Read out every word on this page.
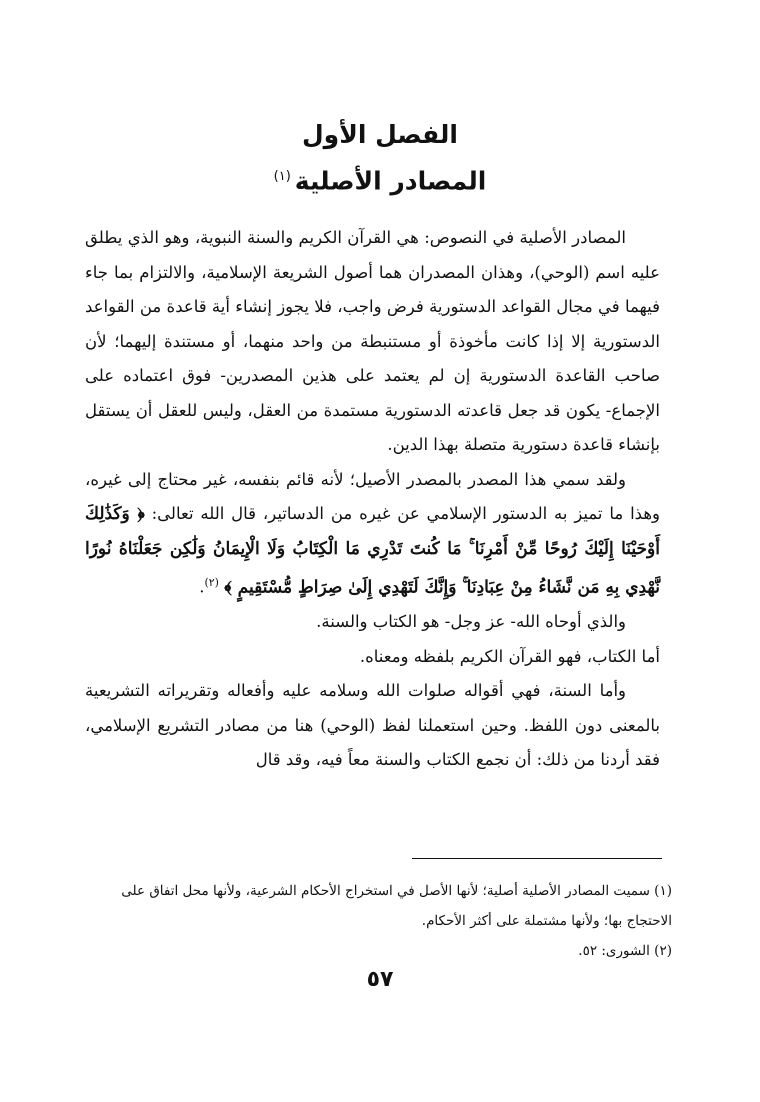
الفصل الأول
المصادر الأصلية$^{(١)}$

المصادر الأصلية في النصوص: هي القرآن الكريم والسنة النبوية، وهو الذي يطلق عليه اسم (الوحي)، وهذان المصدران هما أصول الشريعة الإسلامية، والالتزام بما جاء فيهما في مجال القواعد الدستورية فرض واجب، فلا يجوز إنشاء أية قاعدة من القواعد الدستورية إلا إذا كانت مأخوذة أو مستنبطة من واحد منهما، أو مستندة إليهما؛ لأن صاحب القاعدة الدستورية إن لم يعتمد على هذين المصدرين- فوق اعتماده على الإجماع- يكون قد جعل قاعدته الدستورية مستمدة من العقل، وليس للعقل أن يستقل بإنشاء قاعدة دستورية متصلة بهذا الدين.

ولقد سمي هذا المصدر بالمصدر الأصيل؛ لأنه قائم بنفسه، غير محتاج إلى غيره، وهذا ما تميز به الدستور الإسلامي عن غيره من الدساتير، قال الله تعالى: ﴿ وَكَذَٰلِكَ أَوْحَيْنَا إِلَيْكَ رُوحًا مِّنْ أَمْرِنَا ۚ مَا كُنتَ تَدْرِي مَا الْكِتَابُ وَلَا الْإِيمَانُ وَلَٰكِن جَعَلْنَاهُ نُورًا نَّهْدِي بِهِ مَن نَّشَاءُ مِنْ عِبَادِنَا ۚ وَإِنَّكَ لَتَهْدِي إِلَىٰ صِرَاطٍ مُّسْتَقِيمٍ ﴾ $^{(٢)}$.

والذي أوحاه الله- عز وجل- هو الكتاب والسنة.

أما الكتاب، فهو القرآن الكريم بلفظه ومعناه.

وأما السنة، فهي أقواله صلوات الله وسلامه عليه وأفعاله وتقريراته التشريعية بالمعنى دون اللفظ. وحين استعملنا لفظ (الوحي) هنا من مصادر التشريع الإسلامي، فقد أردنا من ذلك: أن نجمع الكتاب والسنة معاً فيه، وقد قال

(١) سميت المصادر الأصلية أصلية؛ لأنها الأصل في استخراج الأحكام الشرعية، ولأنها محل اتفاق على الاحتجاج بها؛ ولأنها مشتملة على أكثر الأحكام.

(٢) الشورى: ٥٢.

٥٧
